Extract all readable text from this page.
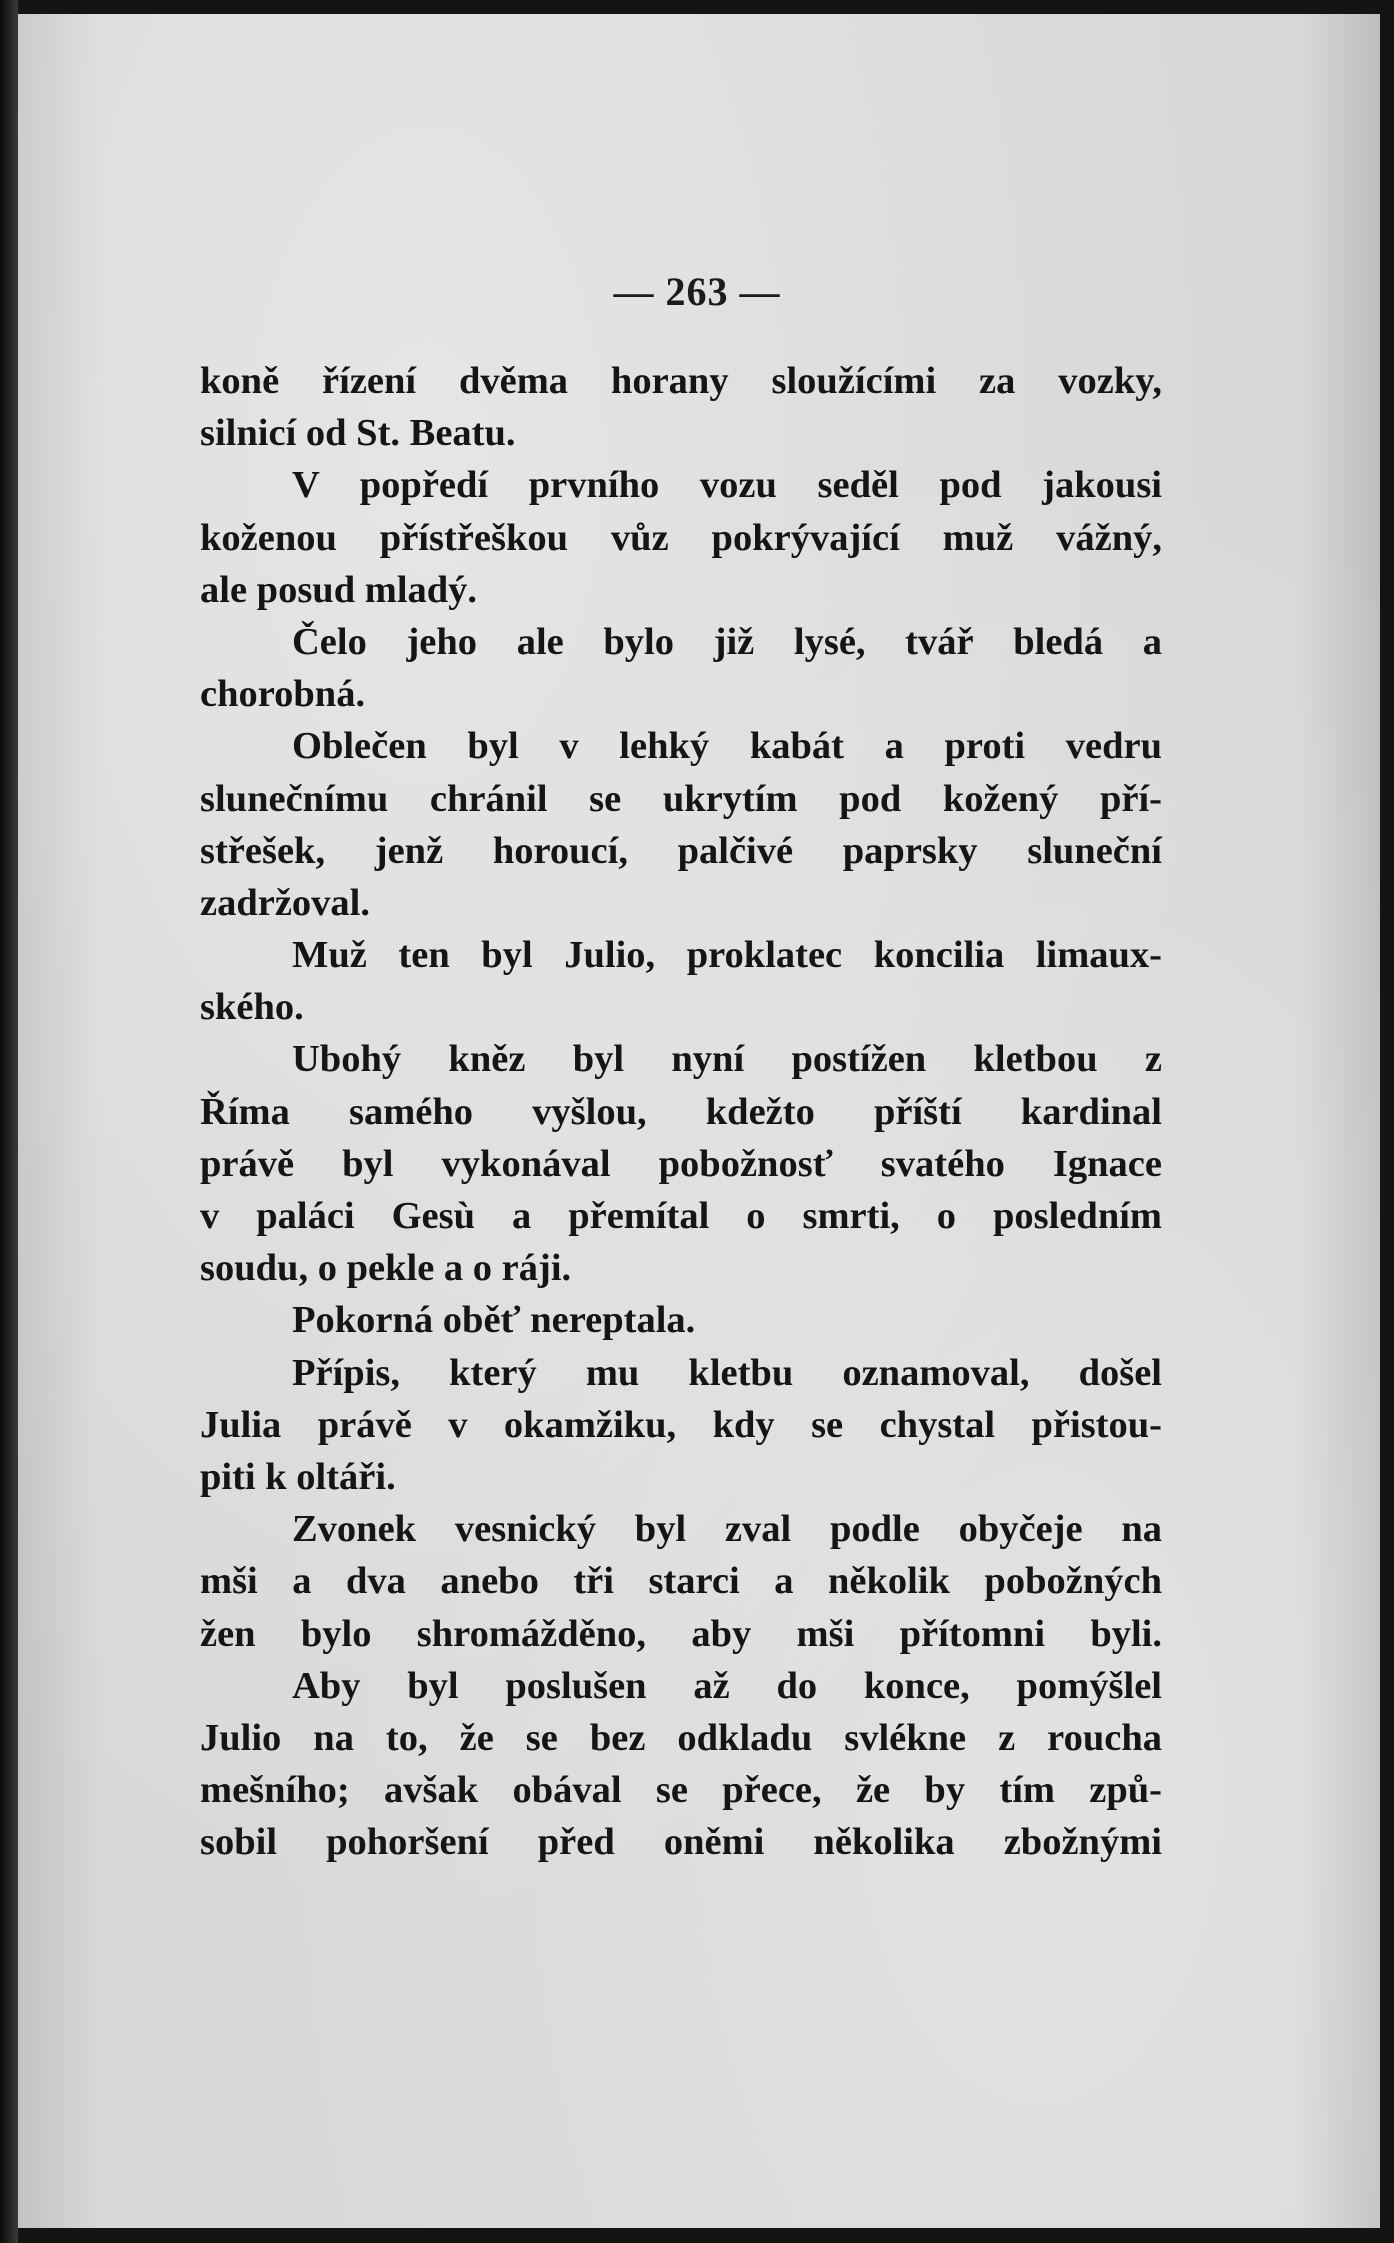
— 263 —
koně řízení dvěma horany sloužícími za vozky,
silnicí od St. Beatu.
V popředí prvního vozu seděl pod jakousi
koženou přístřeškou vůz pokrývající muž vážný,
ale posud mladý.
Čelo jeho ale bylo již lysé, tvář bledá a
chorobná.
Oblečen byl v lehký kabát a proti vedru
slunečnímu chránil se ukrytím pod kožený pří-
střešek, jenž horoucí, palčivé paprsky sluneční
zadržoval.
Muž ten byl Julio, proklatec koncilia limaux-
ského.
Ubohý kněz byl nyní postížen kletbou z
Říma samého vyšlou, kdežto příští kardinal
právě byl vykonával pobožnosť svatého Ignace
v paláci Gesù a přemítal o smrti, o posledním
soudu, o pekle a o ráji.
Pokorná oběť nereptala.
Přípis, který mu kletbu oznamoval, došel
Julia právě v okamžiku, kdy se chystal přistou-
piti k oltáři.
Zvonek vesnický byl zval podle obyčeje na
mši a dva anebo tři starci a několik pobožných
žen bylo shromážděno, aby mši přítomni byli.
Aby byl poslušen až do konce, pomýšlel
Julio na to, že se bez odkladu svlékne z roucha
mešního; avšak obával se přece, že by tím způ-
sobil pohoršení před oněmi několika zbožnými
